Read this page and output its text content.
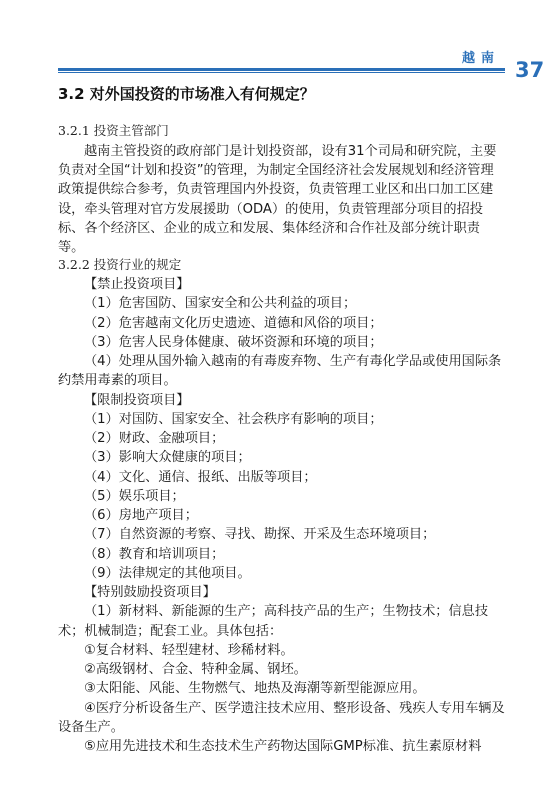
越南 37
3.2 对外国投资的市场准入有何规定？
3.2.1 投资主管部门

越南主管投资的政府部门是计划投资部，设有31个司局和研究院，主要负责对全国“计划和投资”的管理，为制定全国经济社会发展规划和经济管理政策提供综合参考，负责管理国内外投资，负责管理工业区和出口加工区建设，牵头管理对官方发展援助（ODA）的使用，负责管理部分项目的招投标、各个经济区、企业的成立和发展、集体经济和合作社及部分统计职责等。

3.2.2 投资行业的规定
【禁止投资项目】
（1）危害国防、国家安全和公共利益的项目；
（2）危害越南文化历史遗迹、道德和风俗的项目；
（3）危害人民身体健康、破坏资源和环境的项目；
（4）处理从国外输入越南的有毒废弃物、生产有毒化学品或使用国际条约禁用毒素的项目。
【限制投资项目】
（1）对国防、国家安全、社会秩序有影响的项目；
（2）财政、金融项目；
（3）影响大众健康的项目；
（4）文化、通信、报纸、出版等项目；
（5）娱乐项目；
（6）房地产项目；
（7）自然资源的考察、寻找、勘探、开采及生态环境项目；
（8）教育和培训项目；
（9）法律规定的其他项目。
【特别鼓励投资项目】
（1）新材料、新能源的生产；高科技产品的生产；生物技术；信息技术；机械制造；配套工业。具体包括：
①复合材料、轻型建材、珍稀材料。
②高级钢材、合金、特种金属、钢坯。
③太阳能、风能、生物燃气、地热及海潮等新型能源应用。
④医疗分析设备生产、医学遗注技术应用、整形设备、残疾人专用车辆及设备生产。
⑤应用先进技术和生态技术生产药物达国际GMP标准、抗生素原材料
